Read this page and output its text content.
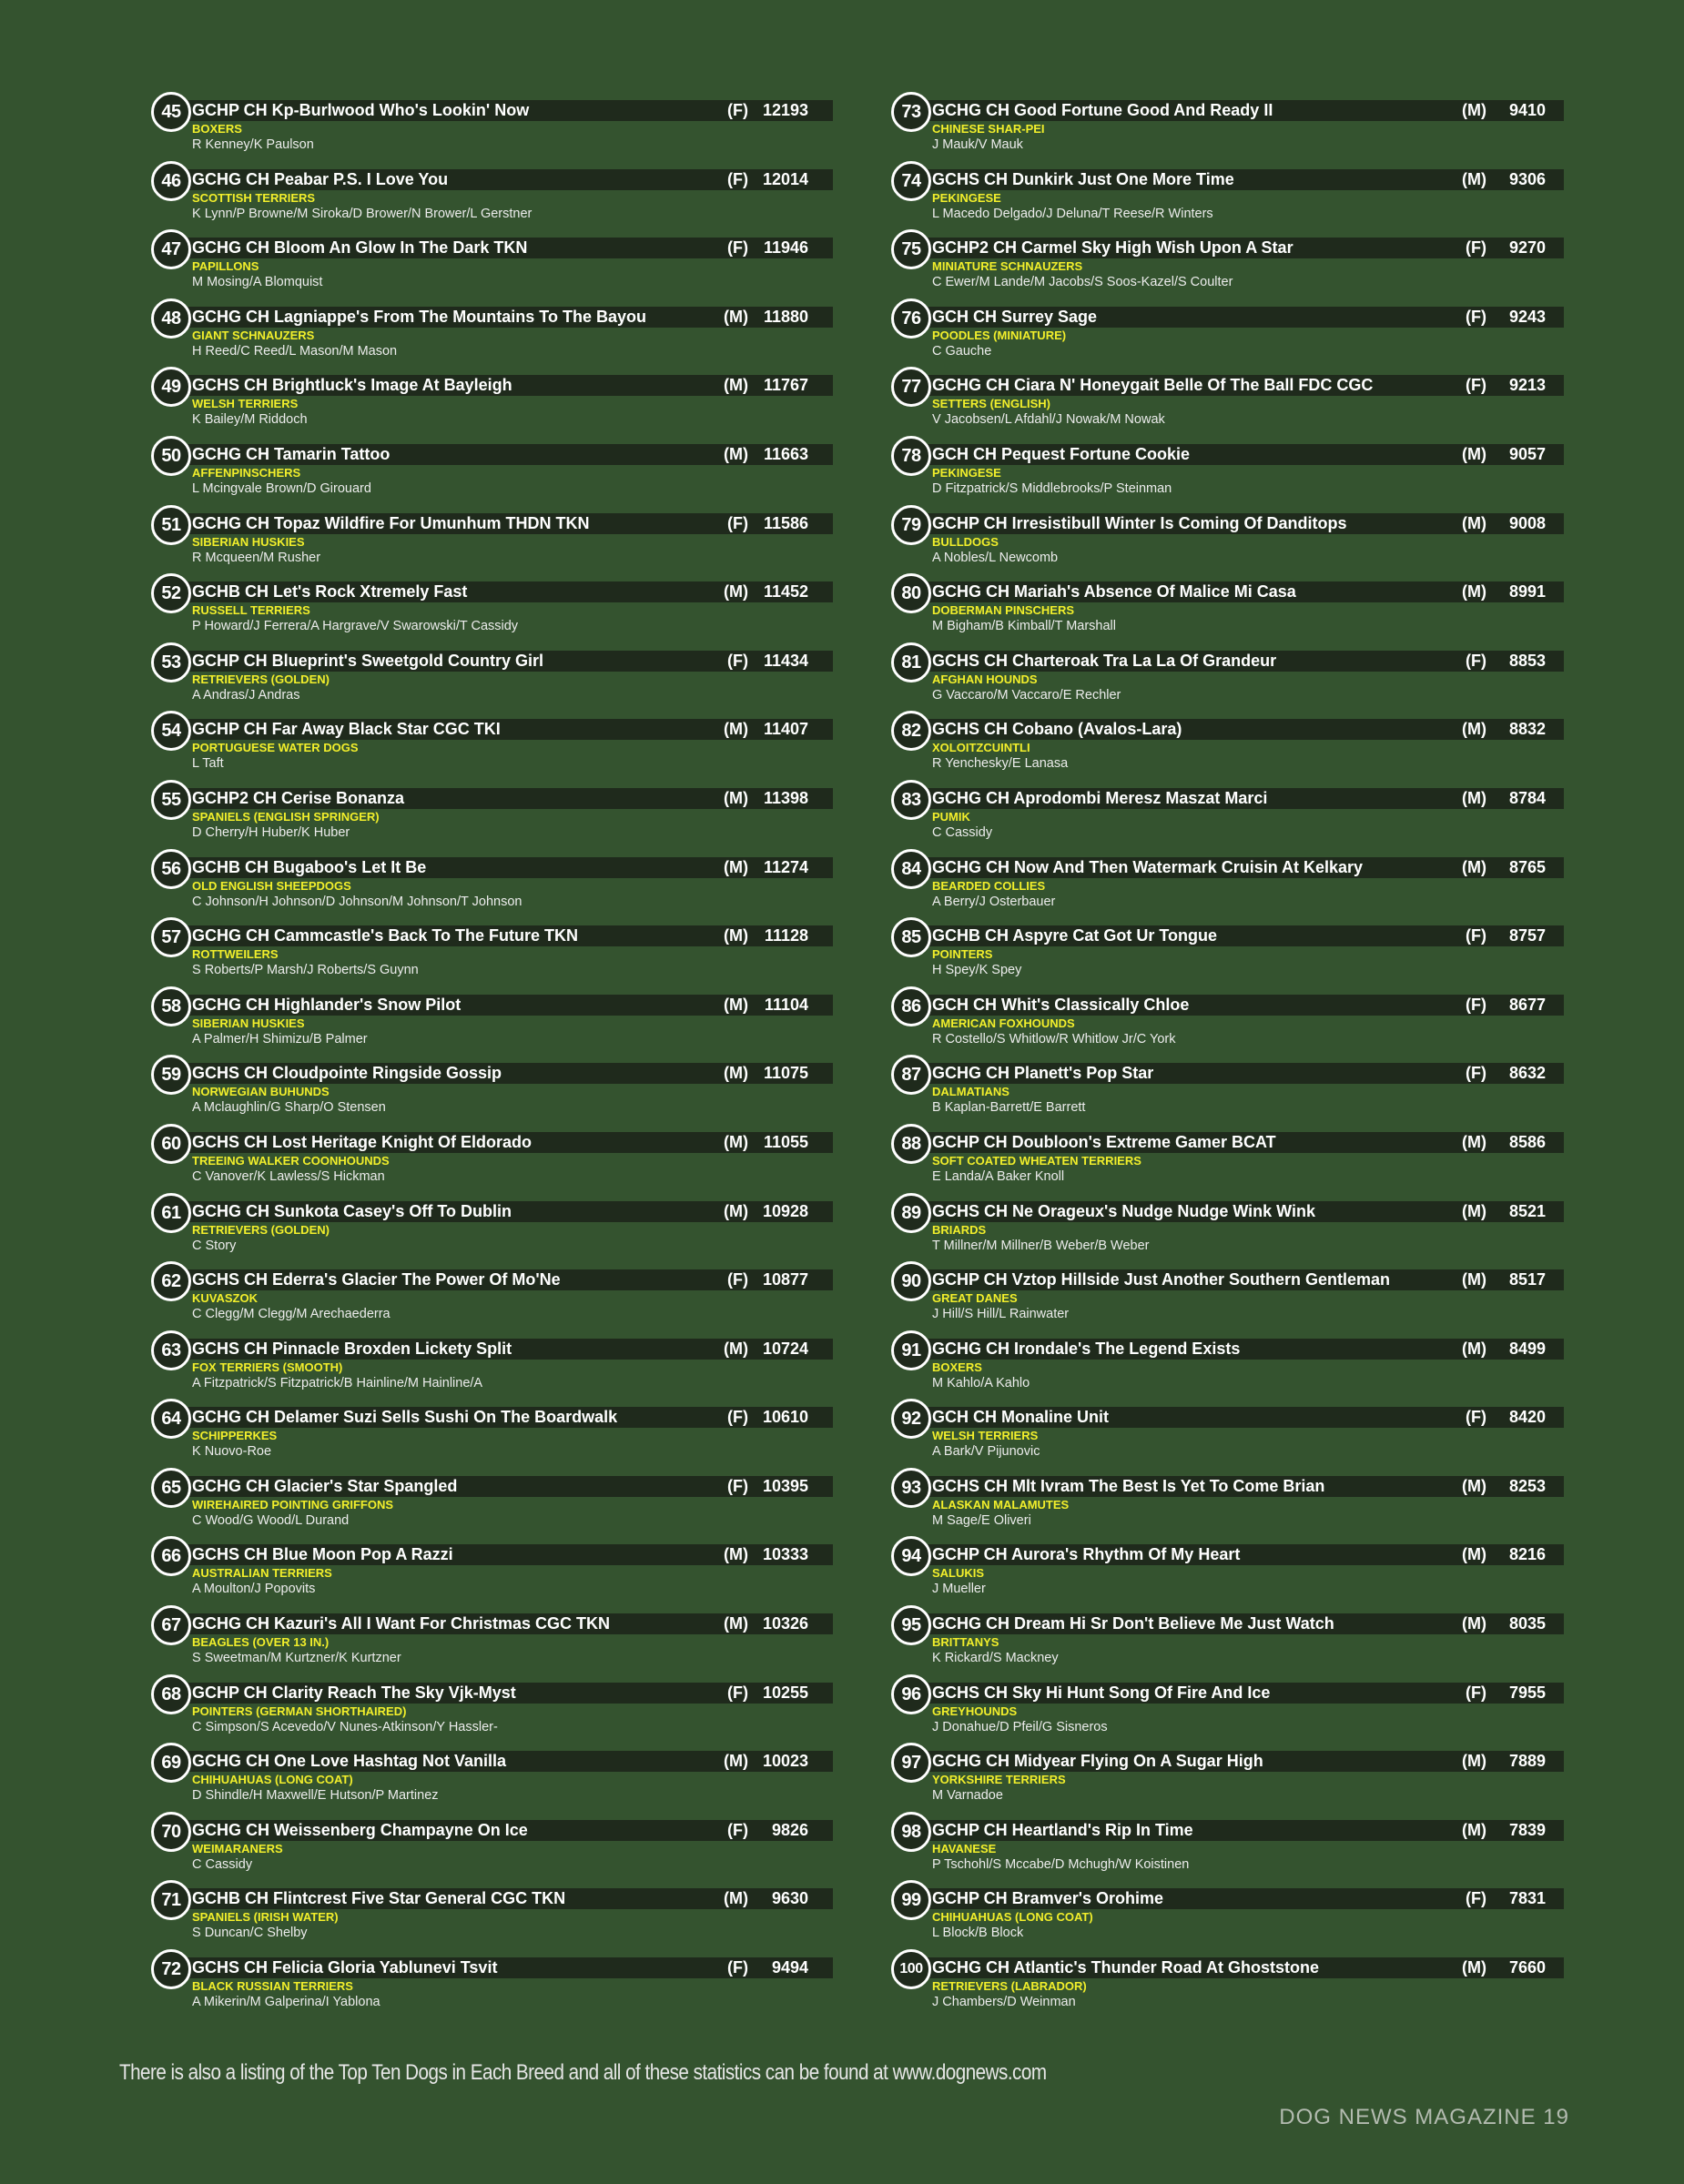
45 GCHP CH Kp-Burlwood Who's Lookin' Now	(F) 12193
BOXERS
R Kenney/K Paulson
46 GCHG CH Peabar P.S. I Love You	(F) 12014
SCOTTISH TERRIERS
K Lynn/P Browne/M Siroka/D Brower/N Brower/L Gerstner
47 GCHG CH Bloom An Glow In The Dark TKN	(F) 11946
PAPILLONS
M Mosing/A Blomquist
48 GCHG CH Lagniappe's From The Mountains To The Bayou	(M) 11880
GIANT SCHNAUZERS
H Reed/C Reed/L Mason/M Mason
49 GCHS CH Brightluck's Image At Bayleigh	(M) 11767
WELSH TERRIERS
K Bailey/M Riddoch
50 GCHG CH Tamarin Tattoo	(M) 11663
AFFENPINSCHERS
L Mcingvale Brown/D Girouard
51 GCHG CH Topaz Wildfire For Umunhum THDN TKN	(F) 11586
SIBERIAN HUSKIES
R Mcqueen/M Rusher
52 GCHB CH Let's Rock Xtremely Fast	(M) 11452
RUSSELL TERRIERS
P Howard/J Ferrera/A Hargrave/V Swarowski/T Cassidy
53 GCHP CH Blueprint's Sweetgold Country Girl	(F) 11434
RETRIEVERS (GOLDEN)
A Andras/J Andras
54 GCHP CH Far Away Black Star CGC TKI	(M) 11407
PORTUGUESE WATER DOGS
L Taft
55 GCHP2 CH Cerise Bonanza	(M) 11398
SPANIELS (ENGLISH SPRINGER)
D Cherry/H Huber/K Huber
56 GCHB CH Bugaboo's Let It Be	(M) 11274
OLD ENGLISH SHEEPDOGS
C Johnson/H Johnson/D Johnson/M Johnson/T Johnson
57 GCHG CH Cammcastle's Back To The Future TKN	(M) 11128
ROTTWEILERS
S Roberts/P Marsh/J Roberts/S Guynn
58 GCHG CH Highlander's Snow Pilot	(M) 11104
SIBERIAN HUSKIES
A Palmer/H Shimizu/B Palmer
59 GCHS CH Cloudpointe Ringside Gossip	(M) 11075
NORWEGIAN BUHUNDS
A Mclaughlin/G Sharp/O Stensen
60 GCHS CH Lost Heritage Knight Of Eldorado	(M) 11055
TREEING WALKER COONHOUNDS
C Vanover/K Lawless/S Hickman
61 GCHG CH Sunkota Casey's Off To Dublin	(M) 10928
RETRIEVERS (GOLDEN)
C Story
62 GCHS CH Ederra's Glacier The Power Of Mo'Ne	(F) 10877
KUVASZOK
C Clegg/M Clegg/M Arechaederra
63 GCHS CH Pinnacle Broxden Lickety Split	(M) 10724
FOX TERRIERS (SMOOTH)
A Fitzpatrick/S Fitzpatrick/B Hainline/M Hainline/A
64 GCHG CH Delamer Suzi Sells Sushi On The Boardwalk	(F) 10610
SCHIPPERKES
K Nuovo-Roe
65 GCHG CH Glacier's Star Spangled	(F) 10395
WIREHAIRED POINTING GRIFFONS
C Wood/G Wood/L Durand
66 GCHS CH Blue Moon Pop A Razzi	(M) 10333
AUSTRALIAN TERRIERS
A Moulton/J Popovits
67 GCHG CH Kazuri's All I Want For Christmas CGC TKN	(M) 10326
BEAGLES (OVER 13 IN.)
S Sweetman/M Kurtzner/K Kurtzner
68 GCHP CH Clarity Reach The Sky Vjk-Myst	(F) 10255
POINTERS (GERMAN SHORTHAIRED)
C Simpson/S Acevedo/V Nunes-Atkinson/Y Hassler-
69 GCHG CH One Love Hashtag Not Vanilla	(M) 10023
CHIHUAHUAS (LONG COAT)
D Shindle/H Maxwell/E Hutson/P Martinez
70 GCHG CH Weissenberg Champayne On Ice	(F) 9826
WEIMARANERS
C Cassidy
71 GCHB CH Flintcrest Five Star General CGC TKN	(M) 9630
SPANIELS (IRISH WATER)
S Duncan/C Shelby
72 GCHS CH Felicia Gloria Yablunevi Tsvit	(F) 9494
BLACK RUSSIAN TERRIERS
A Mikerin/M Galperina/I Yablona
73 GCHG CH Good Fortune Good And Ready II	(M) 9410
CHINESE SHAR-PEI
J Mauk/V Mauk
74 GCHS CH Dunkirk Just One More Time	(M) 9306
PEKINGESE
L Macedo Delgado/J Deluna/T Reese/R Winters
75 GCHP2 CH Carmel Sky High Wish Upon A Star	(F) 9270
MINIATURE SCHNAUZERS
C Ewer/M Lande/M Jacobs/S Soos-Kazel/S Coulter
76 GCH CH Surrey Sage	(F) 9243
POODLES (MINIATURE)
C Gauche
77 GCHG CH Ciara N' Honeygait Belle Of The Ball FDC CGC	(F) 9213
SETTERS (ENGLISH)
V Jacobsen/L Afdahl/J Nowak/M Nowak
78 GCH CH Pequest Fortune Cookie	(M) 9057
PEKINGESE
D Fitzpatrick/S Middlebrooks/P Steinman
79 GCHP CH Irresistibull Winter Is Coming Of Danditops	(M) 9008
BULLDOGS
A Nobles/L Newcomb
80 GCHG CH Mariah's Absence Of Malice Mi Casa	(M) 8991
DOBERMAN PINSCHERS
M Bigham/B Kimball/T Marshall
81 GCHS CH Charteroak Tra La La Of Grandeur	(F) 8853
AFGHAN HOUNDS
G Vaccaro/M Vaccaro/E Rechler
82 GCHS CH Cobano (Avalos-Lara)	(M) 8832
XOLOITZCUINTLI
R Yenchesky/E Lanasa
83 GCHG CH Aprodombi Meresz Maszat Marci	(M) 8784
PUMIK
C Cassidy
84 GCHG CH Now And Then Watermark Cruisin At Kelkary	(M) 8765
BEARDED COLLIES
A Berry/J Osterbauer
85 GCHB CH Aspyre Cat Got Ur Tongue	(F) 8757
POINTERS
H Spey/K Spey
86 GCH CH Whit's Classically Chloe	(F) 8677
AMERICAN FOXHOUNDS
R Costello/S Whitlow/R Whitlow Jr/C York
87 GCHG CH Planett's Pop Star	(F) 8632
DALMATIANS
B Kaplan-Barrett/E Barrett
88 GCHP CH Doubloon's Extreme Gamer BCAT	(M) 8586
SOFT COATED WHEATEN TERRIERS
E Landa/A Baker Knoll
89 GCHS CH Ne Orageux's Nudge Nudge Wink Wink	(M) 8521
BRIARDS
T Millner/M Millner/B Weber/B Weber
90 GCHP CH Vztop Hillside Just Another Southern Gentleman	(M) 8517
GREAT DANES
J Hill/S Hill/L Rainwater
91 GCHG CH Irondale's The Legend Exists	(M) 8499
BOXERS
M Kahlo/A Kahlo
92 GCH CH Monaline Unit	(F) 8420
WELSH TERRIERS
A Bark/V Pijunovic
93 GCHS CH Mlt Ivram The Best Is Yet To Come Brian	(M) 8253
ALASKAN MALAMUTES
M Sage/E Oliveri
94 GCHP CH Aurora's Rhythm Of My Heart	(M) 8216
SALUKIS
J Mueller
95 GCHG CH Dream Hi Sr Don't Believe Me Just Watch	(M) 8035
BRITTANYS
K Rickard/S Mackney
96 GCHS CH Sky Hi Hunt Song Of Fire And Ice	(F) 7955
GREYHOUNDS
J Donahue/D Pfeil/G Sisneros
97 GCHG CH Midyear Flying On A Sugar High	(M) 7889
YORKSHIRE TERRIERS
M Varnadoe
98 GCHP CH Heartland's Rip In Time	(M) 7839
HAVANESE
P Tschohl/S Mccabe/D Mchugh/W Koistinen
99 GCHP CH Bramver's Orohime	(F) 7831
CHIHUAHUAS (LONG COAT)
L Block/B Block
100 GCHG CH Atlantic's Thunder Road At Ghoststone	(M) 7660
RETRIEVERS (LABRADOR)
J Chambers/D Weinman
There is also a listing of the Top Ten Dogs in Each Breed and all of these statistics can be found at www.dognews.com
DOG NEWS MAGAZINE 19
